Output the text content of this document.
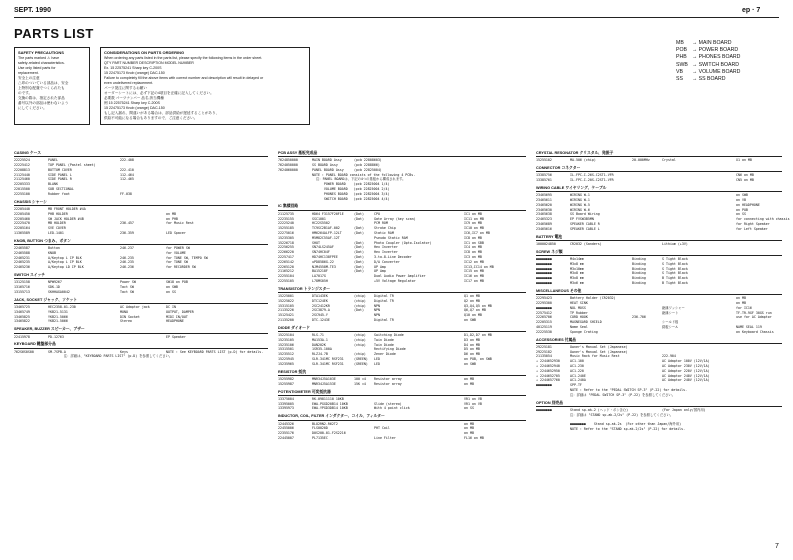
SEPT. 1990	ep · 7
PARTS LIST
SAFETY PRECAUTIONS
The parts marked ⚠ have
safety-related characteristics.
Use only listed parts for
replacement.
安全上の注意
△印のついている部品は、安全
上特別な配慮でつくられたも
のです。
交換の際は、指定された部品
番号以外の部品は使わないよう
にしてください。
CONSIDERATIONS ON PARTS ORDERING
When ordering any parts listed in the parts list, please specify the following items in the order sheet.
QTY PART NUMBER DESCRIPTION MODEL NUMBER
Ex. 15 22575241 Sharp key C-200S
15 22475173 Knob (orange) DAC-150
Failure to completely fill the above items with correct number and description will result in delayed or
even undelivered replacement.
パーツ発注に関するお願い
オーダーシートには、必ず下記の4項目を正確に記入してください。
必要数 パーツナンバー 品名 該当機種
例 15 22575241 Sharp key C-200S
15 22475173 Knob (orange) DAC-150
もし記入漏れ、間違いがある場合は、部品供給が遅延することがあり、
供給不可能になる場合もありますので、ご注意ください。
MB	→ MAIN BOARD
POB → POWER BOARD
PHB	→ PHONES BOARD
SWB → SWITCH BOARD
VB	→ VOLUME BOARD
SS	→ SS BOARD
CASING ケース
22225524	PANEL	222-408
22225412	TOP PANEL (Pastel sheet)
22208813	BOTTOM COVER	222-410
21125440	SIDE PANEL L	112-464
21125460	SIDE PANEL R	112-465
22205333	BLANK
22015500	SUB SECTIONAL
22255100	Rubber foot	FF-038
CHASSIS シャーシ
22205440	MB FRONT HOLDER #4A
22205450	PHB HOLDER	on MB
22205460	SW JACK HOLDER #4B	on PHB
22225470	MB HOLDER	236-457	for Music Rest
22205164	SVE COVER
11365589	LED-1401	236-359	LED Spacer
KNOB, BUTTON つまみ、ボタン
22465587	Button	246-237	for POWER SW
22465588	KNOB	for VOLUME
22465231	A/Keytop L IP BLK	246-235	for TONE SW, TEMPO SW
22465235	A/Keytop L IP BLK	246-235	for TONE SW
22465236	A/Keytop LD IP BLK	246-236	for RECORDER SW
SWITCH スイッチ
13125158	NPW9267	Power SW	SW18 on POB
13165716	SDK-1D	Tact SW	on SWB
13155713	SKHHAGA0042	Tact SW	on SS
JACK, SOCKET ジャック、ソケット
13465725	HEC2358-01-230	AC Adaptor jack	DC IN
13465749	YKB21-5131	MONO	OUTPUT, DAMPER
13465825	YKB21-5066	DIN Socket	MIDI IN/OUT
13465822	YKB21-5066	Stereo	HEADPHONE
SPEAKER, BUZZER スピーカー、ブザー
22415978	PD-12763	EP Speaker
KEYBOARD 鍵盤部分品
762S6S0S00	SM-7SPB-A	Keys	NOTE : See KEYBOARD PARTS LIST (p.D) for details.
注：詳細は、"KEYBOARD PARTS LIST" (p.D) を参照してください。
PCB ASSY 基板完成品
7624850000	MAIN BOARD Assy	(pcb 22808603)
7624050000	SS BOARD Assy	(pcb 2288866)
7624060000	PANEL BOARD Assy	(pcb 22825004)
NOTE : PANEL BOARD consists of the following 4 PCBs.
注：PANEL BOARDは、下記の4つの基板から構成されます。
POWER BOARD    (pcb 22825004 1/4)
VOLUME BOARD   (pcb 22825004 2/4)
PHONES BOARD   (pcb 22825004 3/4)
SWITCH BOARD   (pcb 22825004 4/4)
IC 集積回路
21125735	HD64 F3157F20F1E	(Dat)	CPU	IC1 on MB
22235155	SSC1001	(Dat)	Gate Array (key scan)	IC11 on MB
22225240	HC22S5502	PCM ROM	IC9 on MB
15255185	TC9SC2B1AF-002	(Dat)	Stroke Chip	IC10 on MB
22275016	HM6264ALFP-12LT	(Dat)	Static RAM	IC6,IC7 on MB
15235305	M5M82C55AF-12T	Pseudo Static RAM	IC8 on MB
15226718	SHOT	(Dat)	Photo Coupler (Opto-Isolator)	IC1 on SBB
22256255	SN74LS245AF	(Dat)	Hex Inverter	IC4 on MB
22266220	SN74HC04F	(Dat)	Hex Inverter	IC8 on MB
22257417	HD74HC138FPEE	(Dat)	3-to-8-Line Decoder	IC3 on MB
22265142	uPD8586G-22	(Dat)	D/A Converter	IC12 on MB
22265120	NJM4558M-TE3	(Dat)	OP Amp	IC13,IC14 on MB
21165212	BA15218F	(Dat)	OP Amp	IC15 on MB
22255104	LA7017G	Dual Audio Power Amplifier	IC16 on MB
22255105	L78MS05H	+5V Voltage Regulator	IC17 on MB
TRANSISTOR トランジスター
15225001	DTA143EK	(chip) Digital TR	Q1 on MB
15225022	DTC124EK	(chip) Digital TR	Q2 on MB
15315105	2SC2412KR	(chip) NPN	Q3,Q4,Q5 on MB
21135226	2SC3879-A	(Dat)	NPN	Q6,Q7 on MB
15125421	2SC945-Y	NPN	Q10 on MB
21135200	DTC-1243E	Digital TR	on SWB
DIODE ダイオード
15225104	RLS-71	(chip) Switching Diode	D1,D2,D7 on MB
15235105	MA153A-1	(chip) Twin Diode	D3 on MB
15235106	DAN202K	(chip) Twin Diode	D4 on MB
15315501	1SR35-100A	Rectifying Diode	D5 on MB
15235512	RLZJ4.7B	(chip) Zener Diode	D6 on MB
15225945	SLR-341MC RSF231	(GREEN) LED	on POB, on SWB
15235965	SLR-341MC RSF231	(GREEN) LED	on SWB
RESISTOR 抵抗
15255982	MNR34J5A103E	100 ×4 Resistor array	on MB
15255987	MNR34J5A153E	15K ×4 Resistor array	on MB
POTENTIOMETER 可変抵抗器
13375004	RK-09811110 10KB	VR1 on VB
13395005	EWA-PGGD20B14 10KB	Slide (stereo)	VR1 on VB
13395973	EWA-YPGD3DB14 10KB	With 4 point click	on SS
INDUCTOR, COIL, FILTER インダクター、コイル、フィルター
12445326	BLO2RN2-R62T2	on MB
22455006	FLS0020D	PHT Coil	on MB
22355176	D0S200-01-F2S2216	on MB
22445007	PL7135EC	Line Filter	FL16 on MB
CRYSTAL RESONATOR クリスタル、発振子
15255102	MA-506 (chip)	20.000MHz	Crystal	X1 on MB
CONNECTOR コネクター
13385756	IL-FPC-I-26S-C2ST1-VFR	CN6 on MB
13385761	IL-FPC-I-20S-C2ST1-VFR	CN5 on MB
WIRING CABLE ワイヤリング、ケーブル
23465695	WIRING W-1	on SWB
23465611	WIRING W-1	on VB
23465620	WIRING W-5	on HEADPHONE
23465630	WIRING W-6	on POB
23465638	SS Board Wiring	on SS
22465323	EP FVSW3B5MN	for connecting with chassis
23465689	SPEAKER CABLE R	for Right Speaker
23465616	SPEAKER CABLE L	for Left Speaker
BATTERY 電池
1000024850	CR2032 (Sanders)	Lithium (+3V)
SCREW ネジ類
●●●●●●●●	M4x14mm	Binding	S Tight Black
●●●●●●●●	M3x8 mm	Binding	S Tight Black
●●●●●●●●	M3x10mm	Binding	S Tight Black
●●●●●●●●	M3x8 mm	Binding	S Tight Black
●●●●●●●●	M3x8 mm	Binding	B Tight Black
●●●●●●●●	M3x6 mm	Binding	B Tight Black
MISCELLANEOUS その他
22295423	Battery Holder (CR2032)	on MB
22295300	HEAT SINK	on MB
●●●●●●●●	NOL MOSS	絶縁ワッシャー	for IC16
22575412	TP Rubber	絶縁シート	TF-TR-9GF 30GS run
22265706	CORD HOOK	236-706	use for AC Adaptor
22205315	MAGNEGARD SHIELD	シールド板
40125119	Name Seal	銘板シール	NAME SEAL 119
22225530	Sponge Crating	on Keyboard Chassis
ACCESSORIES 付属品
29225181	Owner's Manual Set (Japanese)
29225182	Owner's Manual Set (Japanese)
21135054	Music Rack for Music Rest	222-904
⚠ 2244652930	AC1-100	AC Adaptor 100V (12V/1A)
⚠ 2244652940	AC1-230	AC Adaptor 230V (12V/1A)
⚠ 2244652950	AC1-220	AC Adaptor 220V (12V/1A)
⚠ 2244652705	AC1-240E	AC Adaptor 240V (12V/1A)
⚠ 2244657760	AC1-240A	AC Adaptor 240V (12V/1A)
●●●●●●●●	SPP-TF
NOTE : Refer to the "PEDAL SWITCH SP-3" (P.22) for details.
注：詳細は "PEDAL SWITCH SP-3" (P.22) を参照してください。
OPTION 別売品
●●●●●●●●	Stand sp-ak-2 (ヘッド・ポン含む)	(For Japan only/国内用)
注：詳細は "STAND sp-ak-2/2s" (P.22) を参照してください。

●●●●●●●●    Stand sp-ak-2s  (For other than Japan/海外用)
NOTE : Refer to the "STAND sp-ak-2/2s" (P.22) for details.
7
